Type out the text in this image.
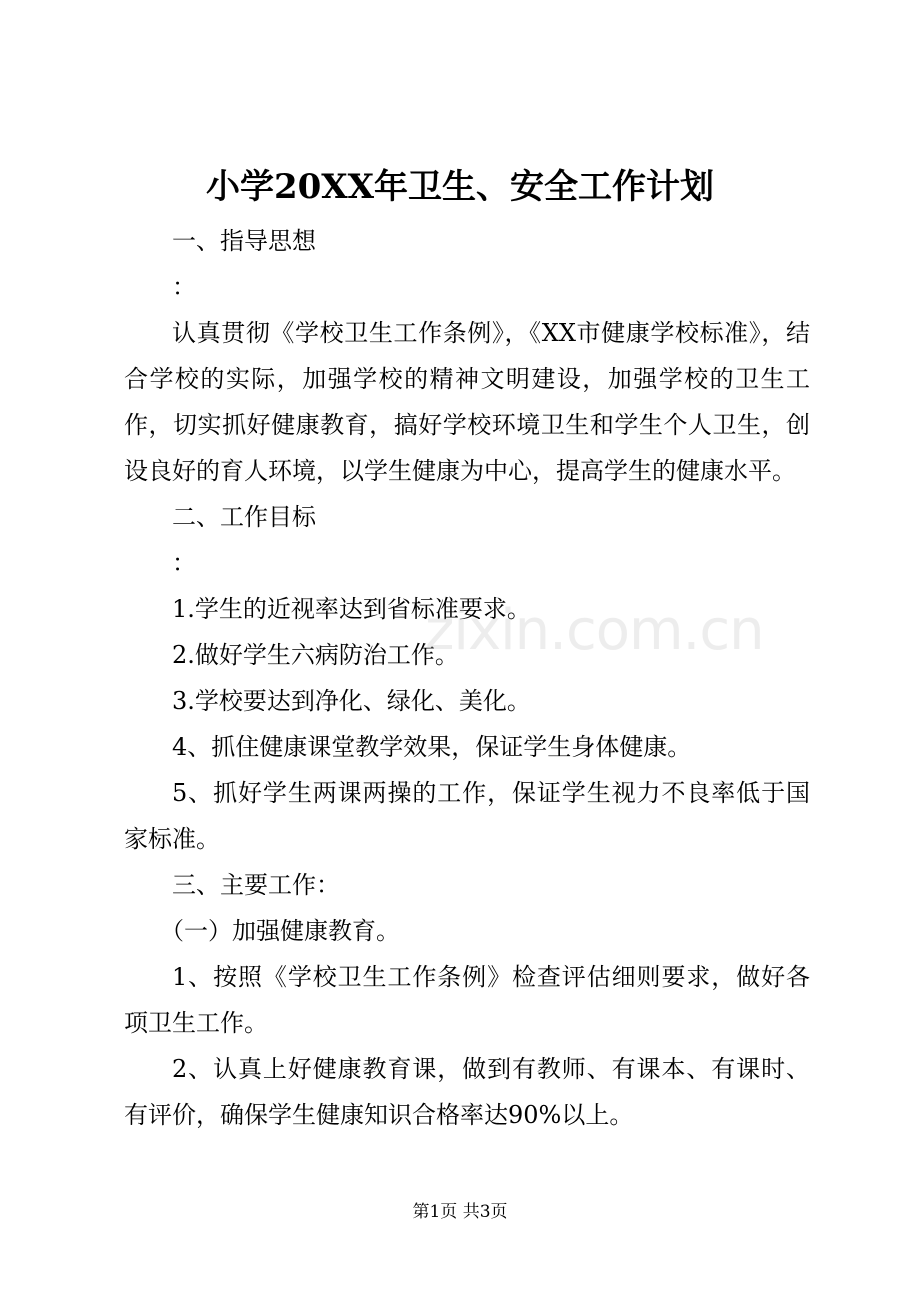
小学20XX年卫生、安全工作计划

一、指导思想

：

认真贯彻《学校卫生工作条例》，《XX市健康学校标准》，结合学校的实际，加强学校的精神文明建设，加强学校的卫生工作，切实抓好健康教育，搞好学校环境卫生和学生个人卫生，创设良好的育人环境，以学生健康为中心，提高学生的健康水平。

二、工作目标

：

1.学生的近视率达到省标准要求。

2.做好学生六病防治工作。

3.学校要达到净化、绿化、美化。

4、抓住健康课堂教学效果，保证学生身体健康。

5、抓好学生两课两操的工作，保证学生视力不良率低于国家标准。

三、主要工作：

（一）加强健康教育。

1、按照《学校卫生工作条例》检查评估细则要求，做好各项卫生工作。

2、认真上好健康教育课，做到有教师、有课本、有课时、有评价，确保学生健康知识合格率达90%以上。

zixin.com.cn
第1页 共3页
